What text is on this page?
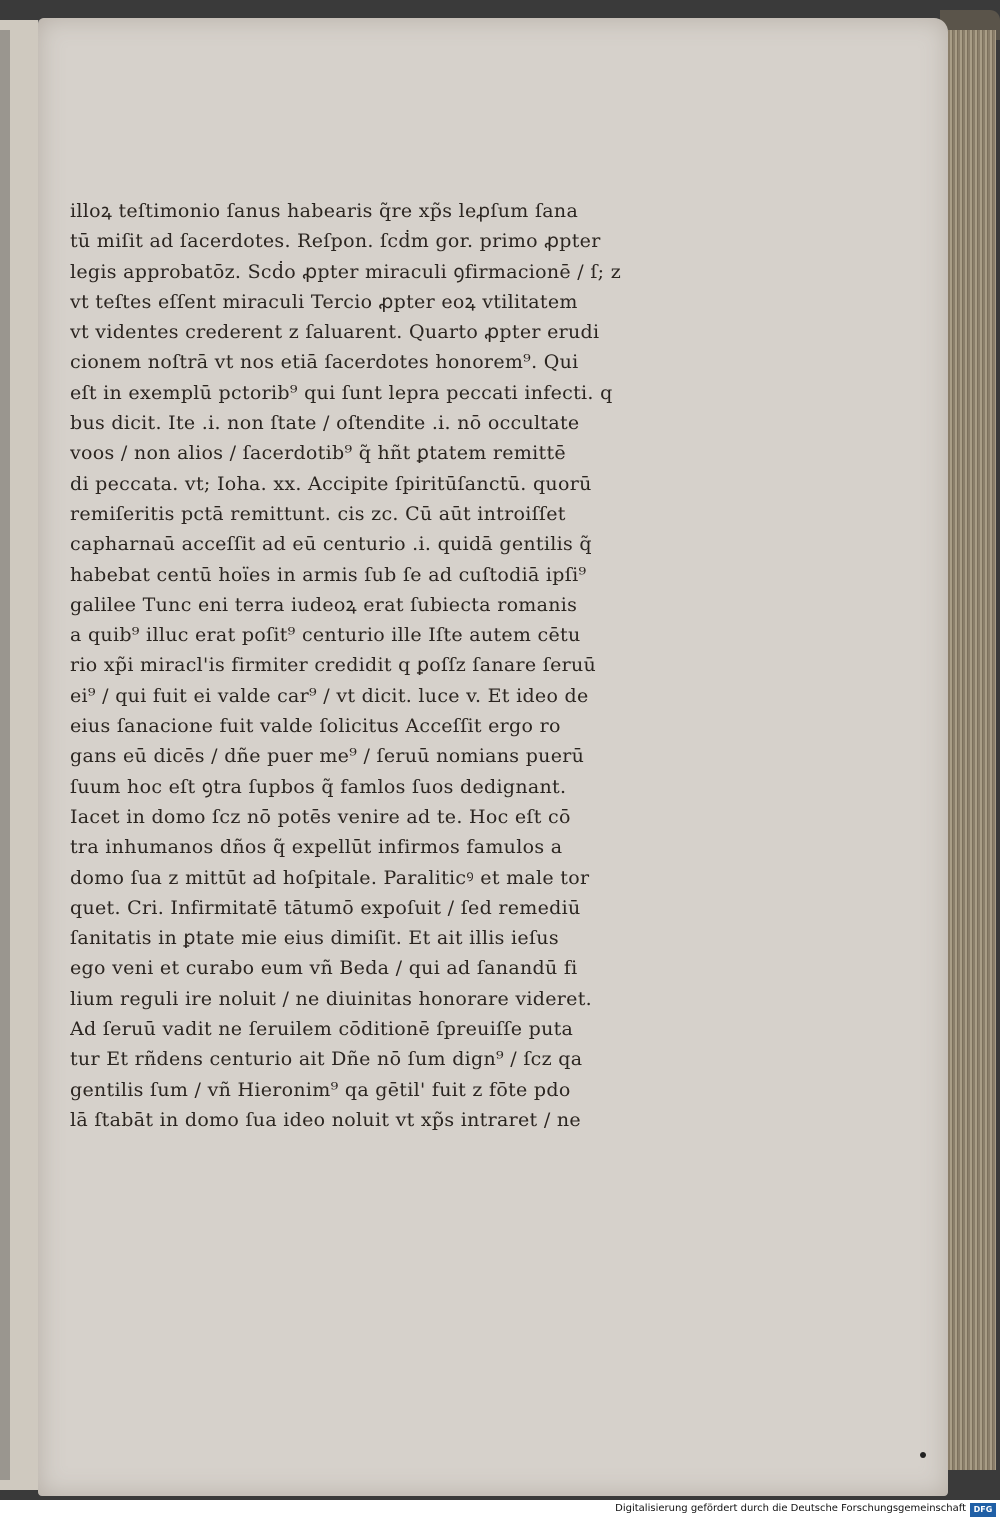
illoꝝ teſtimonio ſanus habearis q̃re xp̃s leꝓſum ſana
tū miſit ad ſacerdotes. Reſpon. ſcḋm gor. primo ꝓpter
legis approbatōz. Scḋo ꝓpter miraculi ꝯfirmacionē / ſ; z
vt teſtes eſſent miraculi Tercio ꝓpter eoꝝ vtilitatem
vt videntes crederent z ſaluarent. Quarto ꝓpter erudi
cionem noſtrā vt nos etiā ſacerdotes honorem⁹. Qui
eſt in exemplū pctorib⁹ qui ſunt lepra peccati infecti. q
bus dicit. Ite .i. non ſtate / oſtendite .i. nō occultate
voos / non alios / ſacerdotib⁹ q̃ hñt ꝑtatem remittē
di peccata. vt; Ioha. xx. Accipite ſpiritūſanctū. quorū
remiſeritis pctā remittunt. cis zc. Cū aūt introiſſet
capharnaū acceſſit ad eū centurio .i. quidā gentilis q̃
habebat centū hoïes in armis ſub ſe ad cuſtodiā ipſi⁹
galilee Tunc eni terra iudeoꝝ erat ſubiecta romanis
a quib⁹ illuc erat poſit⁹ centurio ille Iſte autem cētu
rio xp̃i miracl'is firmiter credidit q ꝑoſſz ſanare ſeruū
ei⁹ / qui fuit ei valde car⁹ / vt dicit. luce v. Et ideo de
eius ſanacione fuit valde ſolicitus Acceſſit ergo ro
gans eū dicēs / dñe puer me⁹ / ſeruū nomians puerū
ſuum hoc eſt ꝯtra ſupbos q̃ famlos ſuos dedignant.
Iacet in domo ſcz nō potēs venire ad te. Hoc eſt cō
tra inhumanos dños q̃ expellūt infirmos famulos a
domo ſua z mittūt ad hoſpitale. Paraliticꝰ et male tor
quet. Cri. Infirmitatē tātumō expoſuit / ſed remediū
ſanitatis in ꝑtate mie eius dimiſit. Et ait illis ieſus
ego veni et curabo eum vñ Beda / qui ad ſanandū fi
lium reguli ire noluit / ne diuinitas honorare videret.
Ad ſeruū vadit ne ſeruilem cōditionē ſpreuiſſe puta
tur Et rñdens centurio ait Dñe nō ſum dign⁹ / ſcz qa
gentilis ſum / vñ Hieronim⁹ qa gētil' fuit z fōte pdo
lā ſtabāt in domo ſua ideo noluit vt xp̃s intraret / ne
Digitalisierung gefördert durch die Deutsche Forschungsgemeinschaft DFG
